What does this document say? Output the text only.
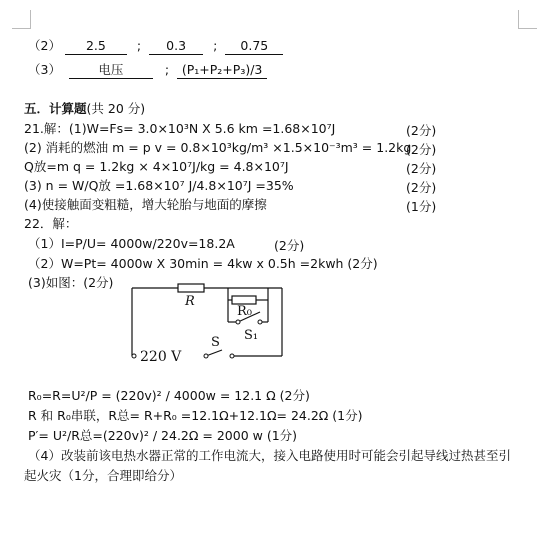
（2） 2.5 ; 0.3 ; 0.75
（3）	电压	; (P₁+P₂+P₃)/3
五．计算题(共 20 分)
21.解：(1)W=Fs= 3.0×10³N X 5.6 km =1.68×10⁷J	(2分)
(2) 消耗的燃油 m = p v = 0.8×10³kg/m³ ×1.5×10⁻³m³ = 1.2kg
(2分)
Q放=m q = 1.2kg × 4×10⁷J/kg = 4.8×10⁷J	(2分)
(3) n = W/Q放 =1.68×10⁷ J/4.8×10⁷J =35%	(2分)
(4)使接触面变粗糙，增大轮胎与地面的摩擦	(1分)
22．解：
（1）I=P/U= 4000w/220v=18.2A	(2分)
（2）W=Pt= 4000w X 30min = 4kw x 0.5h =2kwh (2分)
(3)如图：(2分)
R
R₀
S₁
S
220 V
R₀=R=U²/P = (220v)² / 4000w = 12.1 Ω (2分)
R 和 R₀串联，R总= R+R₀ =12.1Ω+12.1Ω= 24.2Ω (1分)
P′= U²/R总=(220v)² / 24.2Ω = 2000 w (1分)
（4）改装前该电热水器正常的工作电流大，接入电路使用时可能会引起导线过热甚至引
起火灾（1分，合理即给分）
